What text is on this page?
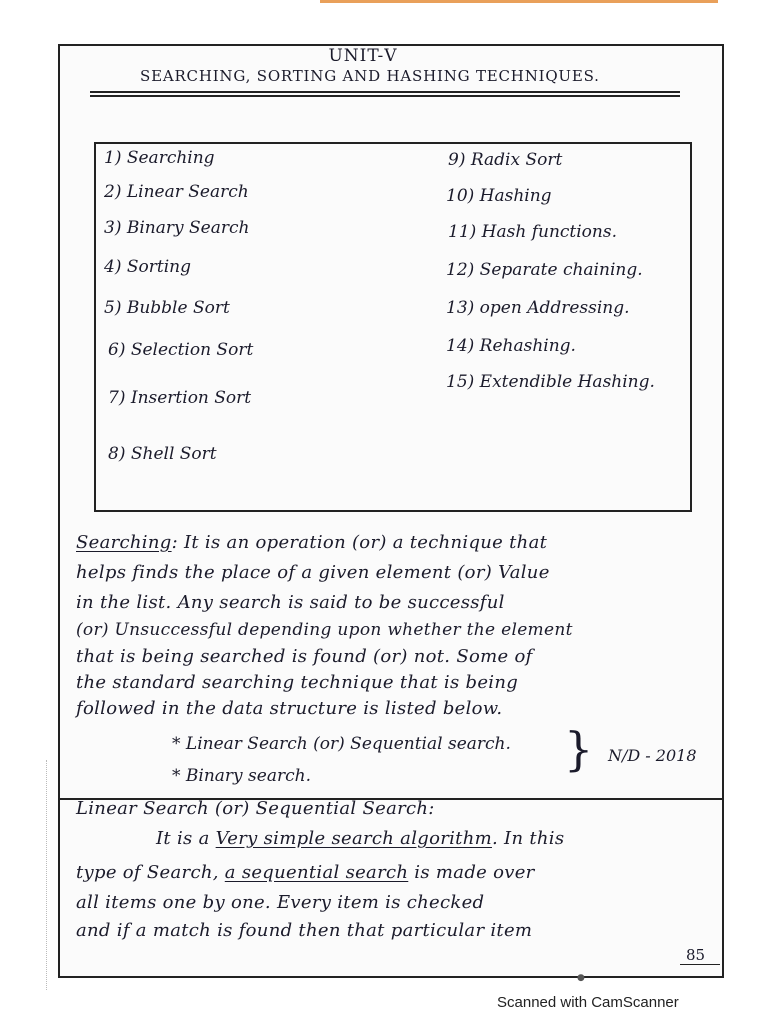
UNIT-Ⅴ
SEARCHING, SORTING AND HASHING TECHNIQUES.
1) Searching
2) Linear Search
3) Binary Search
4) Sorting
5) Bubble Sort
6) Selection Sort
7) Insertion Sort
8) Shell Sort
9) Radix Sort
10) Hashing
11) Hash functions.
12) Separate chaining.
13) open Addressing.
14) Rehashing.
15) Extendible Hashing.
Searching: It is an operation (or) a technique that
helps finds the place of a given element (or) Value
in the list. Any search is said to be successful
(or) Unsuccessful depending upon whether the element
that is being searched is found (or) not. Some of
the standard searching technique that is being
followed in the data structure is listed below.
* Linear Search (or) Sequential search.
* Binary search.	} N/D - 2018
Linear Search (or) Sequential Search:
It is a Very simple search algorithm. In this
type of Search, a sequential search is made over
all items one by one. Every item is checked
and if a match is found then that particular item
85
●
Scanned with CamScanner
